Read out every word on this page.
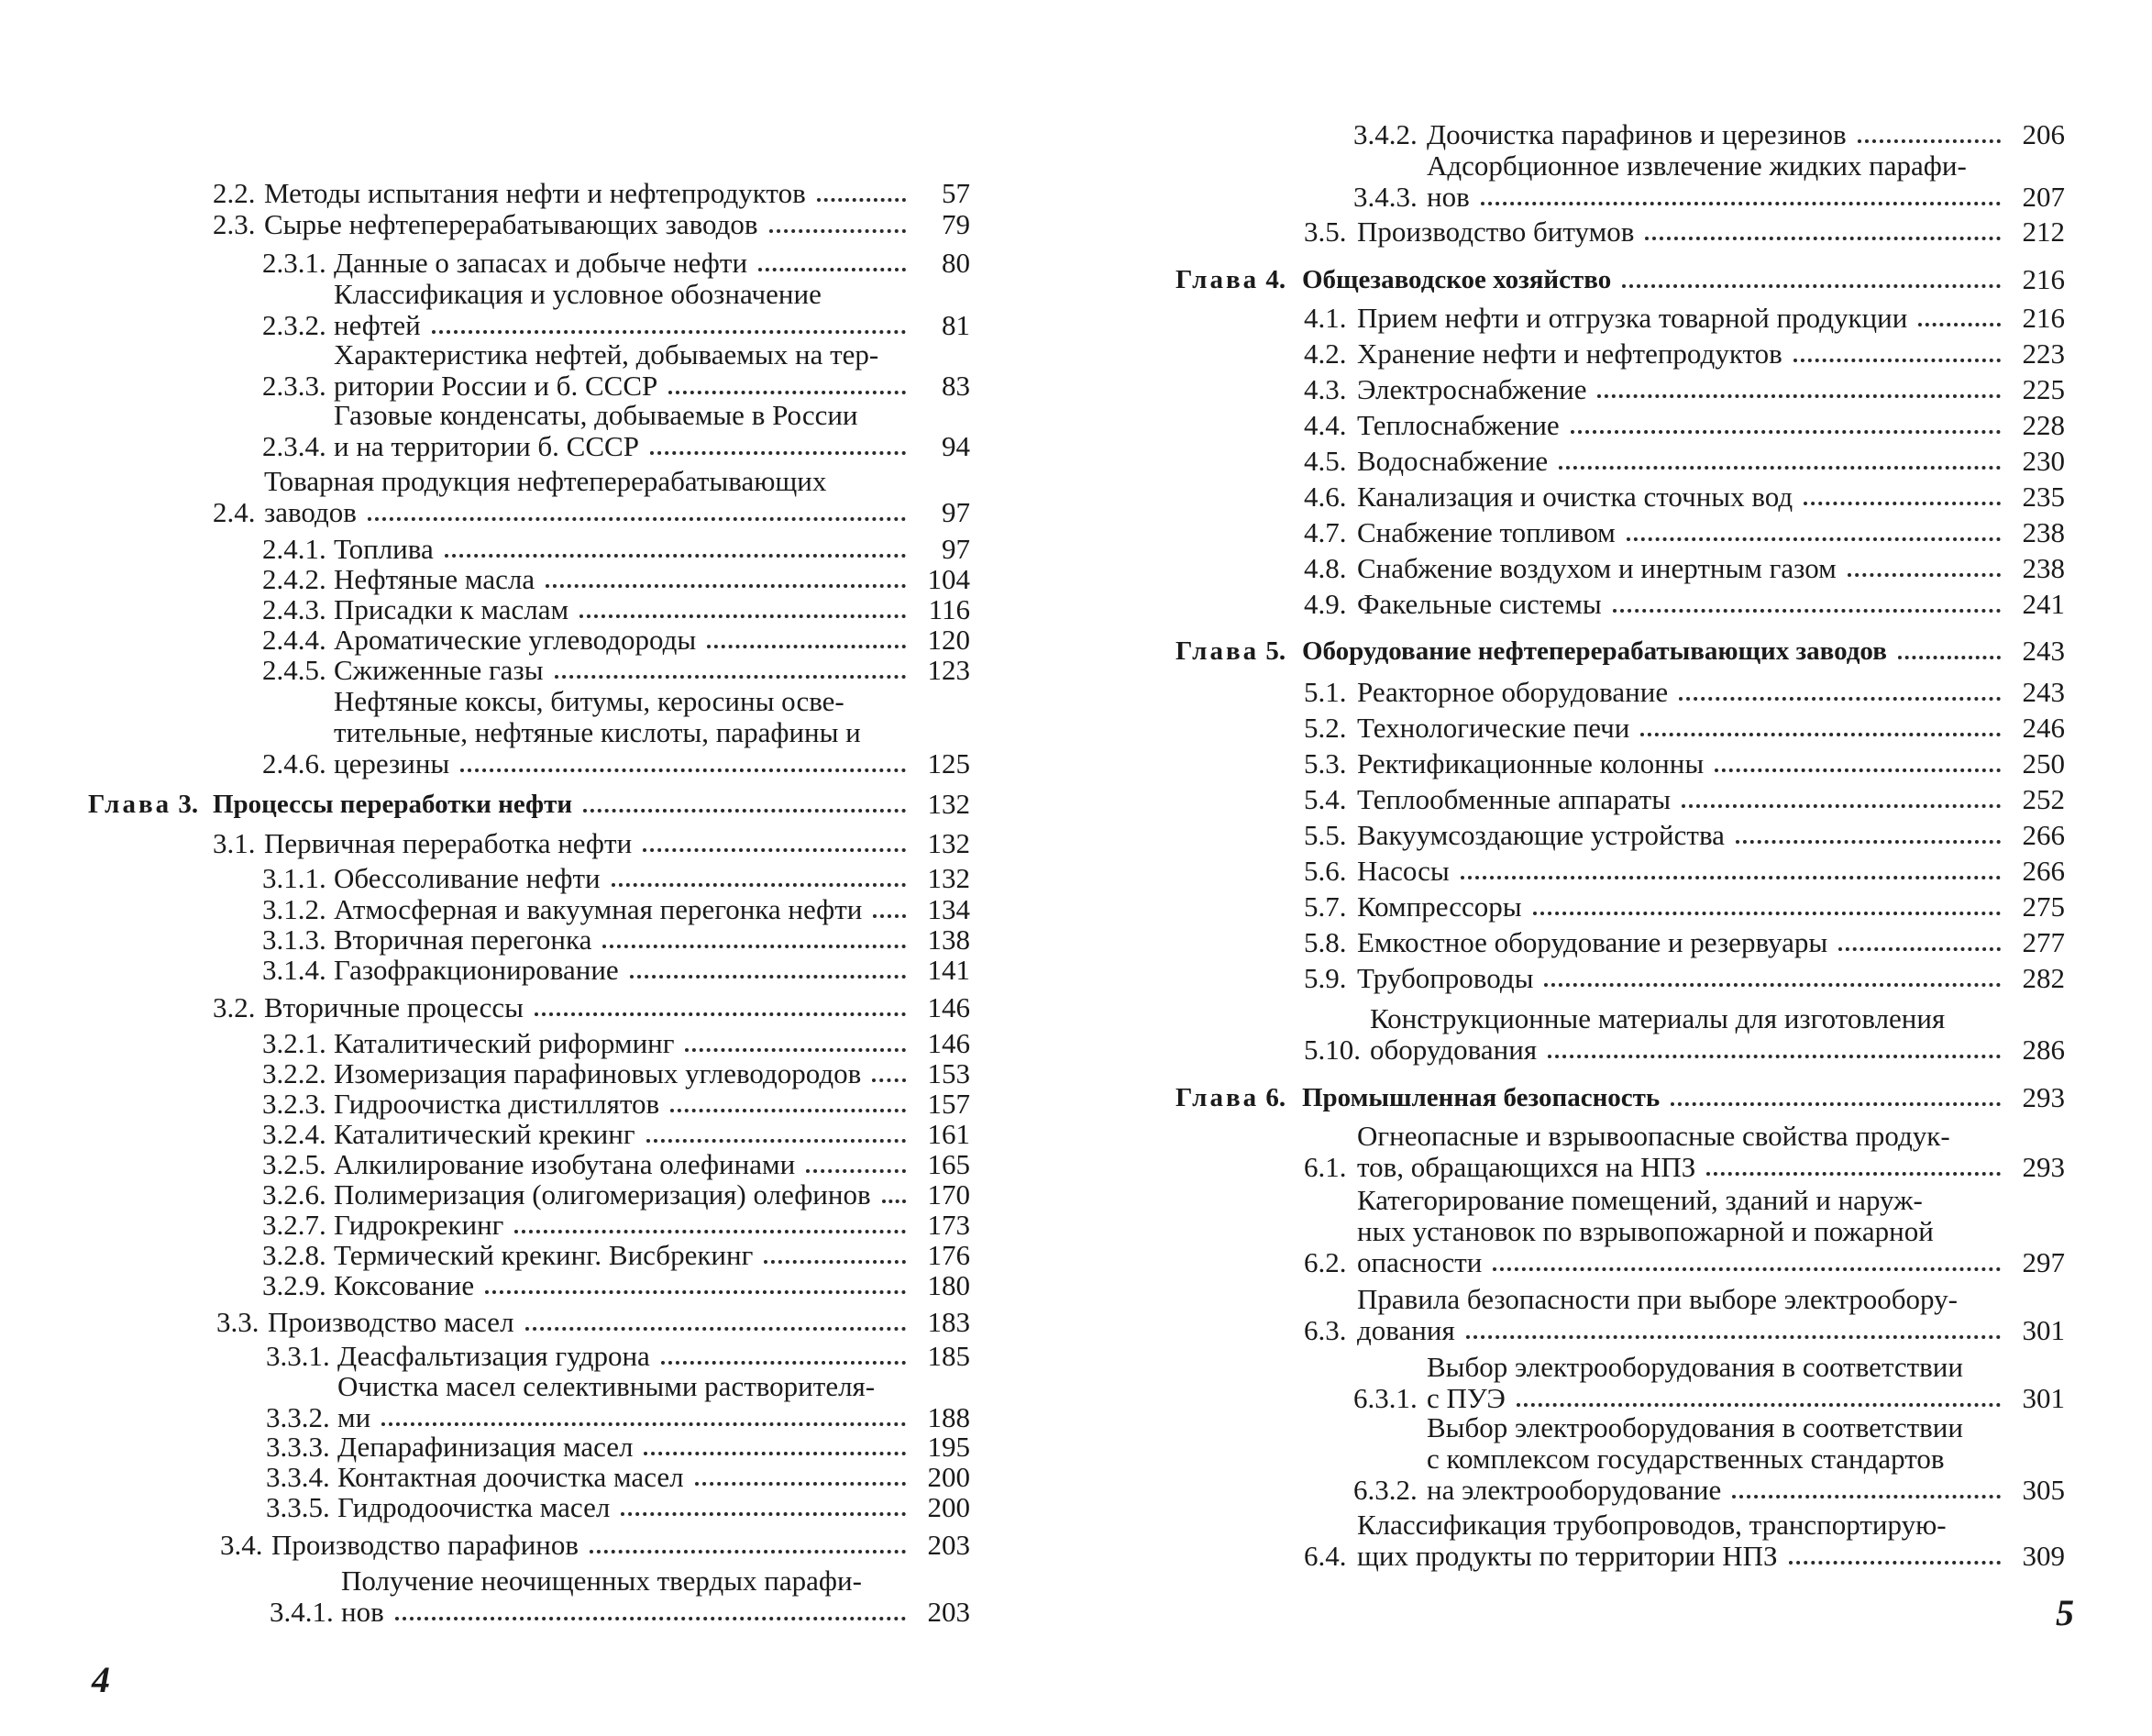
2.2. Методы испытания нефти и нефтепродуктов	57
2.3. Сырье нефтеперерабатывающих заводов	79
2.3.1. Данные о запасах и добыче нефти	80
2.3.2.
Классификация и условное обозначение
нефтей	81
2.3.3.
Характеристика нефтей, добываемых на тер-
ритории России и б. СССР	83
2.3.4.
Газовые конденсаты, добываемые в России
и на территории б. СССР	94
2.4.
Товарная продукция нефтеперерабатывающих
заводов	97
2.4.1. Топлива	97
2.4.2. Нефтяные масла	104
2.4.3. Присадки к маслам	116
2.4.4. Ароматические углеводороды	120
2.4.5. Сжиженные газы	123
2.4.6.
Нефтяные коксы, битумы, керосины осве-
тительные, нефтяные кислоты, парафины и
церезины	125
Глава 3. Процессы переработки нефти	132
3.1. Первичная переработка нефти	132
3.1.1. Обессоливание нефти	132
3.1.2. Атмосферная и вакуумная перегонка нефти	134
3.1.3. Вторичная перегонка	138
3.1.4. Газофракционирование	141
3.2. Вторичные процессы	146
3.2.1. Каталитический риформинг	146
3.2.2. Изомеризация парафиновых углеводородов	153
3.2.3. Гидроочистка дистиллятов	157
3.2.4. Каталитический крекинг	161
3.2.5. Алкилирование изобутана олефинами	165
3.2.6. Полимеризация (олигомеризация) олефинов	170
3.2.7. Гидрокрекинг	173
3.2.8. Термический крекинг. Висбрекинг	176
3.2.9. Коксование	180
3.3. Производство масел	183
3.3.1. Деасфальтизация гудрона	185
3.3.2.
Очистка масел селективными растворителя-
ми	188
3.3.3. Депарафинизация масел	195
3.3.4. Контактная доочистка масел	200
3.3.5. Гидродоочистка масел	200
3.4. Производство парафинов	203
3.4.1.
Получение неочищенных твердых парафи-
нов	203
4
3.4.2. Доочистка парафинов и церезинов	206
3.4.3.
Адсорбционное извлечение жидких парафи-
нов	207
3.5. Производство битумов	212
Глава 4. Общезаводское хозяйство	216
4.1. Прием нефти и отгрузка товарной продукции	216
4.2. Хранение нефти и нефтепродуктов	223
4.3. Электроснабжение	225
4.4. Теплоснабжение	228
4.5. Водоснабжение	230
4.6. Канализация и очистка сточных вод	235
4.7. Снабжение топливом	238
4.8. Снабжение воздухом и инертным газом	238
4.9. Факельные системы	241
Глава 5. Оборудование нефтеперерабатывающих заводов	243
5.1. Реакторное оборудование	243
5.2. Технологические печи	246
5.3. Ректификационные колонны	250
5.4. Теплообменные аппараты	252
5.5. Вакуумсоздающие устройства	266
5.6. Насосы	266
5.7. Компрессоры	275
5.8. Емкостное оборудование и резервуары	277
5.9. Трубопроводы	282
5.10.
Конструкционные материалы для изготовления
оборудования	286
Глава 6. Промышленная безопасность	293
6.1.
Огнеопасные и взрывоопасные свойства продук-
тов, обращающихся на НПЗ	293
6.2.
Категорирование помещений, зданий и наруж-
ных установок по взрывопожарной и пожарной
опасности	297
6.3.
Правила безопасности при выборе электрообору-
дования	301
6.3.1.
Выбор электрооборудования в соответствии
с ПУЭ	301
6.3.2.
Выбор электрооборудования в соответствии
с комплексом государственных стандартов
на электрооборудование	305
6.4.
Классификация трубопроводов, транспортирую-
щих продукты по территории НПЗ	309
5
